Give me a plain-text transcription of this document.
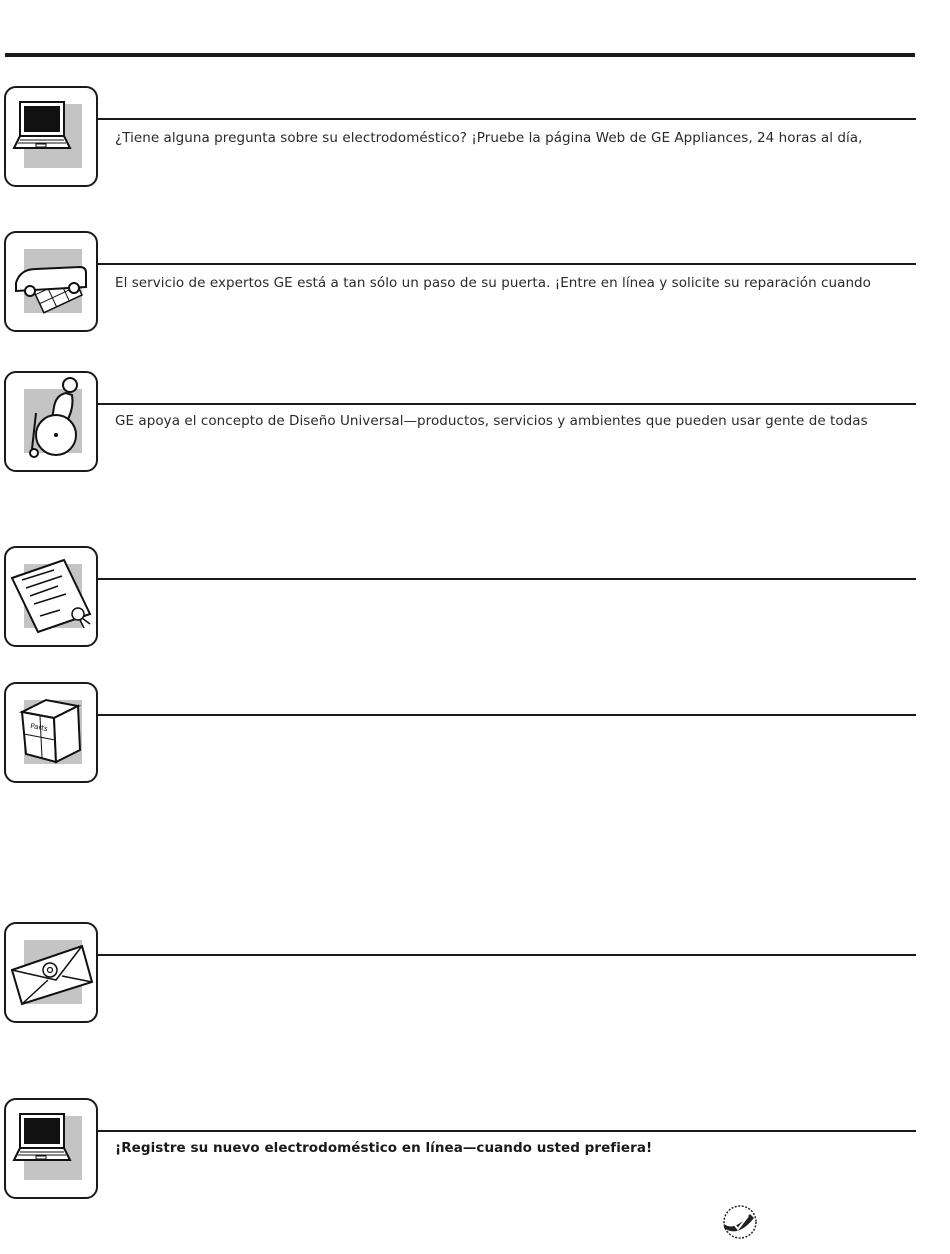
¿Tiene alguna pregunta sobre su electrodoméstico? ¡Pruebe la página Web de GE Appliances, 24 horas al día,
El servicio de expertos GE está a tan sólo un paso de su puerta. ¡Entre en línea y solicite su reparación cuando
GE apoya el concepto de Diseño Universal—productos, servicios y ambientes que pueden usar gente de todas
Parts
¡Registre su nuevo electrodoméstico en línea—cuando usted prefiera!
